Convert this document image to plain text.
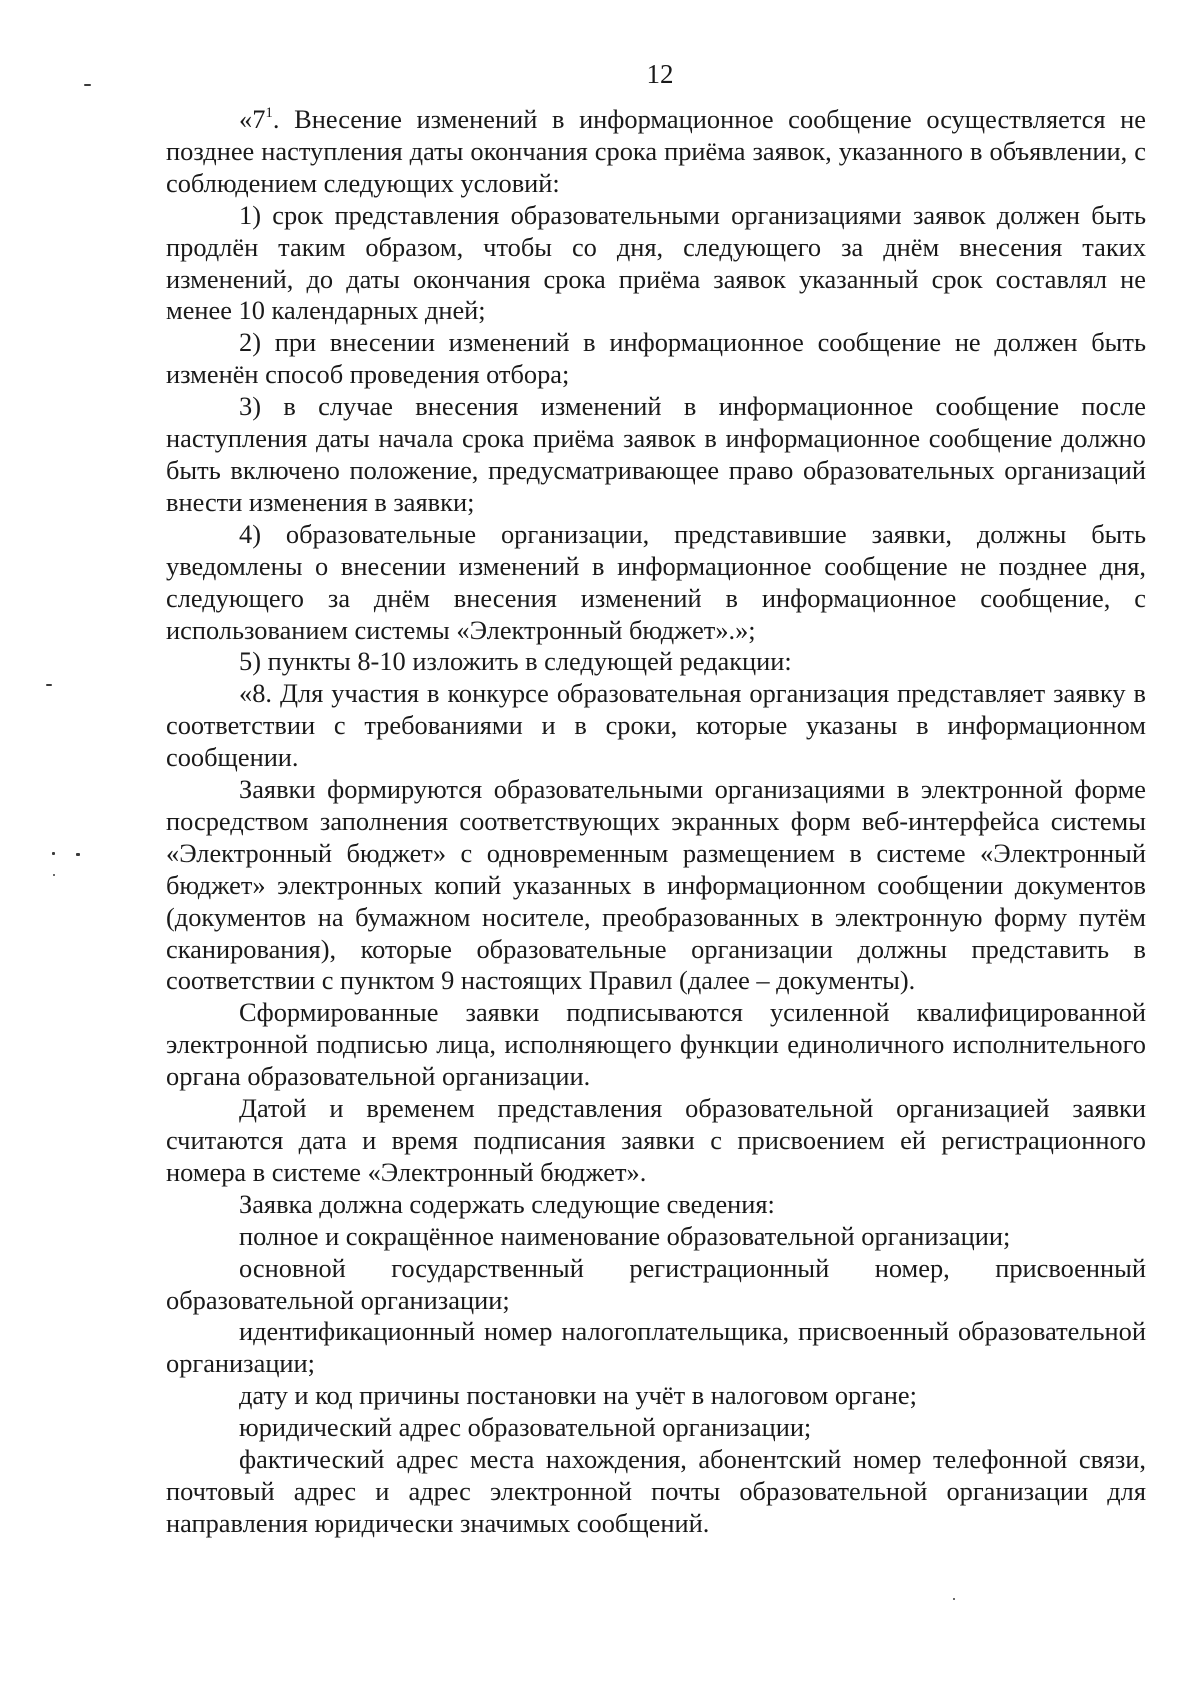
12

«$7^1$. Внесение изменений в информационное сообщение осуществляется не позднее наступления даты окончания срока приёма заявок, указанного в объявлении, с соблюдением следующих условий:

1) срок представления образовательными организациями заявок должен быть продлён таким образом, чтобы со дня, следующего за днём внесения таких изменений, до даты окончания срока приёма заявок указанный срок составлял не менее 10 календарных дней;

2) при внесении изменений в информационное сообщение не должен быть изменён способ проведения отбора;

3) в случае внесения изменений в информационное сообщение после наступления даты начала срока приёма заявок в информационное сообщение должно быть включено положение, предусматривающее право образовательных организаций внести изменения в заявки;

4) образовательные организации, представившие заявки, должны быть уведомлены о внесении изменений в информационное сообщение не позднее дня, следующего за днём внесения изменений в информационное сообщение, с использованием системы «Электронный бюджет».»;

5) пункты 8-10 изложить в следующей редакции:

«8. Для участия в конкурсе образовательная организация представляет заявку в соответствии с требованиями и в сроки, которые указаны в информационном сообщении.

Заявки формируются образовательными организациями в электронной форме посредством заполнения соответствующих экранных форм веб-интерфейса системы «Электронный бюджет» с одновременным размещением в системе «Электронный бюджет» электронных копий указанных в информационном сообщении документов (документов на бумажном носителе, преобразованных в электронную форму путём сканирования), которые образовательные организации должны представить в соответствии с пунктом 9 настоящих Правил (далее – документы).

Сформированные заявки подписываются усиленной квалифицированной электронной подписью лица, исполняющего функции единоличного исполнительного органа образовательной организации.

Датой и временем представления образовательной организацией заявки считаются дата и время подписания заявки с присвоением ей регистрационного номера в системе «Электронный бюджет».

Заявка должна содержать следующие сведения:

полное и сокращённое наименование образовательной организации;

основной государственный регистрационный номер, присвоенный образовательной организации;

идентификационный номер налогоплательщика, присвоенный образовательной организации;

дату и код причины постановки на учёт в налоговом органе;

юридический адрес образовательной организации;

фактический адрес места нахождения, абонентский номер телефонной связи, почтовый адрес и адрес электронной почты образовательной организации для направления юридически значимых сообщений.
